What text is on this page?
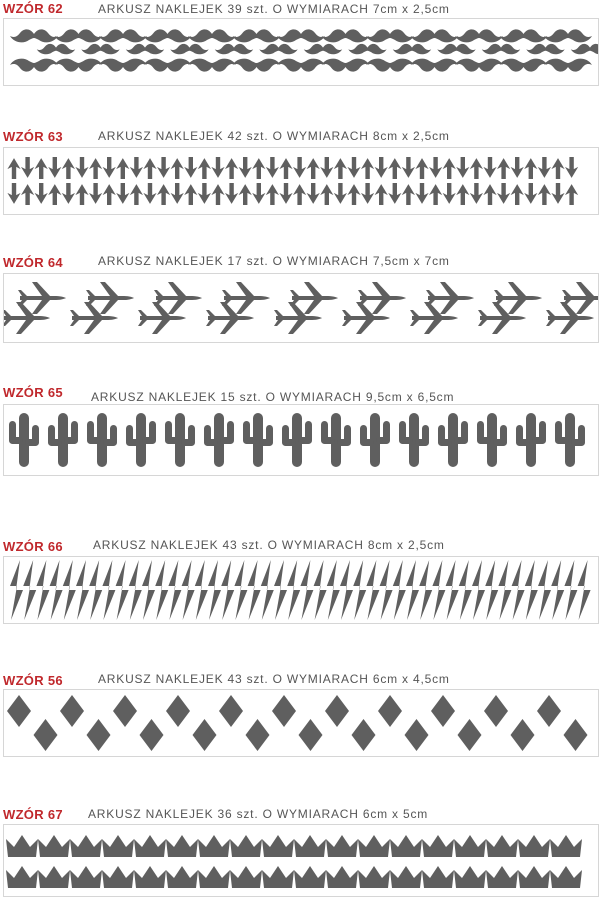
WZÓR 62	ARKUSZ NAKLEJEK 39 szt. O WYMIARACH 7cm x 2,5cm
WZÓR 63	ARKUSZ NAKLEJEK 42 szt. O WYMIARACH 8cm x 2,5cm
WZÓR 64	ARKUSZ NAKLEJEK 17 szt. O WYMIARACH 7,5cm x 7cm
WZÓR 65 ARKUSZ NAKLEJEK 15 szt. O WYMIARACH 9,5cm x 6,5cm
WZÓR 66	ARKUSZ NAKLEJEK 43 szt. O WYMIARACH 8cm x 2,5cm
WZÓR 56	ARKUSZ NAKLEJEK 43 szt. O WYMIARACH 6cm x 4,5cm
WZÓR 67 ARKUSZ NAKLEJEK 36 szt. O WYMIARACH 6cm x 5cm
